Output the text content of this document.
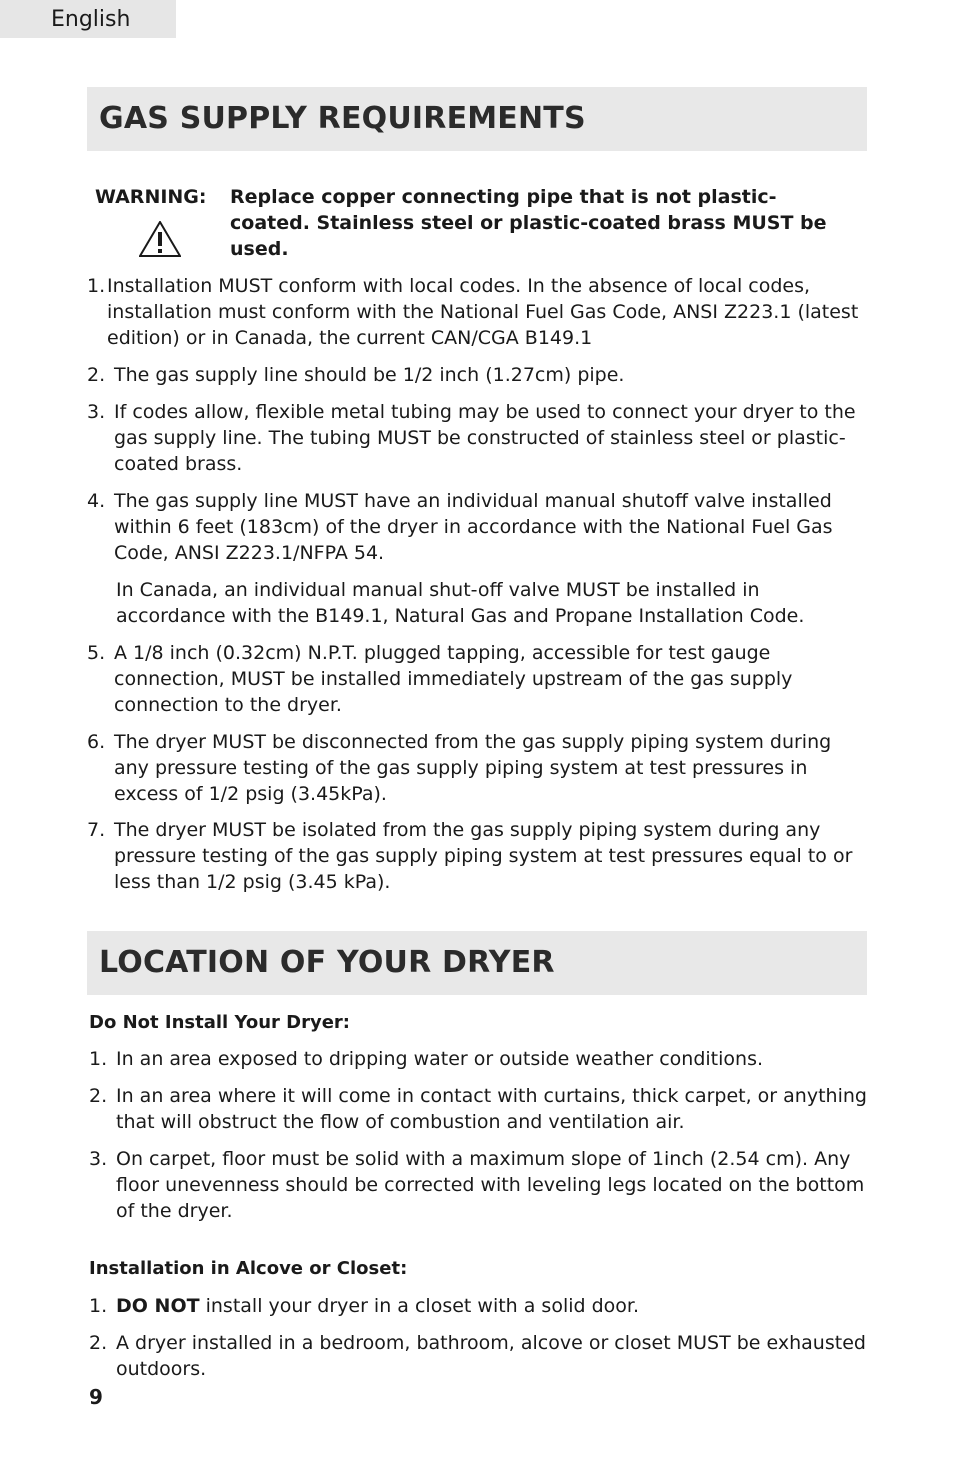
English
GAS SUPPLY REQUIREMENTS
WARNING: Replace copper connecting pipe that is not plastic-coated. Stainless steel or plastic-coated brass MUST be used.
1. Installation MUST conform with local codes. In the absence of local codes, installation must conform with the National Fuel Gas Code, ANSI Z223.1 (latest edition) or in Canada, the current CAN/CGA B149.1
2. The gas supply line should be 1/2 inch (1.27cm) pipe.
3. If codes allow, flexible metal tubing may be used to connect your dryer to the gas supply line. The tubing MUST be constructed of stainless steel or plastic-coated brass.
4. The gas supply line MUST have an individual manual shutoff valve installed within 6 feet (183cm) of the dryer in accordance with the National Fuel Gas Code, ANSI Z223.1/NFPA 54.
In Canada, an individual manual shut-off valve MUST be installed in accordance with the B149.1, Natural Gas and Propane Installation Code.
5. A 1/8 inch (0.32cm) N.P.T. plugged tapping, accessible for test gauge connection, MUST be installed immediately upstream of the gas supply connection to the dryer.
6. The dryer MUST be disconnected from the gas supply piping system during any pressure testing of the gas supply piping system at test pressures in excess of 1/2 psig (3.45kPa).
7. The dryer MUST be isolated from the gas supply piping system during any pressure testing of the gas supply piping system at test pressures equal to or less than 1/2 psig (3.45 kPa).
LOCATION OF YOUR DRYER
Do Not Install Your Dryer:
1. In an area exposed to dripping water or outside weather conditions.
2. In an area where it will come in contact with curtains, thick carpet, or anything that will obstruct the flow of combustion and ventilation air.
3. On carpet, floor must be solid with a maximum slope of 1inch (2.54 cm). Any floor unevenness should be corrected with leveling legs located on the bottom of the dryer.
Installation in Alcove or Closet:
1. DO NOT install your dryer in a closet with a solid door.
2. A dryer installed in a bedroom, bathroom, alcove or closet MUST be exhausted outdoors.
9
